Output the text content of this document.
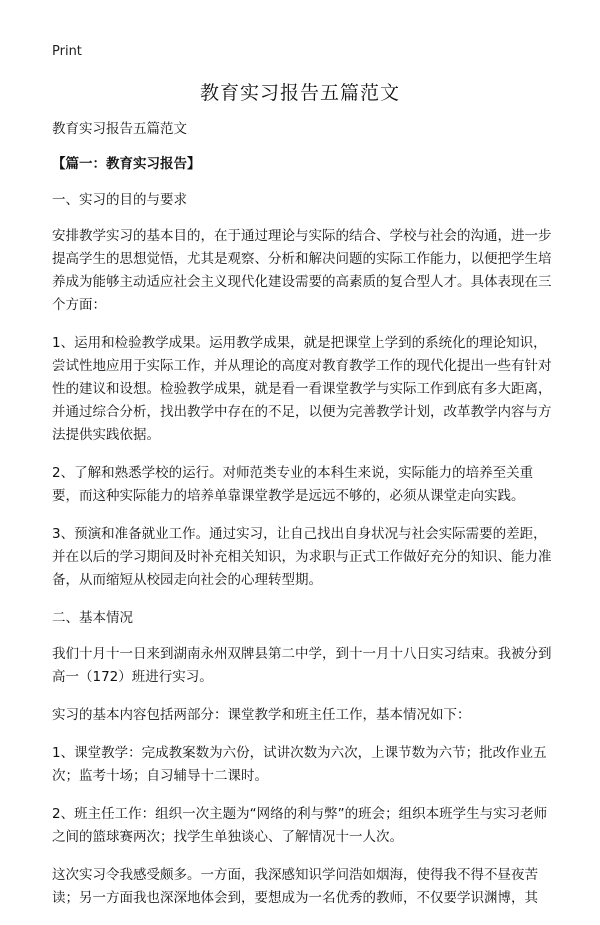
Print
教育实习报告五篇范文

教育实习报告五篇范文

【篇一：教育实习报告】

一、实习的目的与要求

安排教学实习的基本目的，在于通过理论与实际的结合、学校与社会的沟通，进一步提高学生的思想觉悟，尤其是观察、分析和解决问题的实际工作能力，以便把学生培养成为能够主动适应社会主义现代化建设需要的高素质的复合型人才。具体表现在三个方面：

1、运用和检验教学成果。运用教学成果，就是把课堂上学到的系统化的理论知识，尝试性地应用于实际工作，并从理论的高度对教育教学工作的现代化提出一些有针对性的建议和设想。检验教学成果，就是看一看课堂教学与实际工作到底有多大距离，并通过综合分析，找出教学中存在的不足，以便为完善教学计划，改革教学内容与方法提供实践依据。

2、了解和熟悉学校的运行。对师范类专业的本科生来说，实际能力的培养至关重要，而这种实际能力的培养单靠课堂教学是远远不够的，必须从课堂走向实践。

3、预演和准备就业工作。通过实习，让自己找出自身状况与社会实际需要的差距，并在以后的学习期间及时补充相关知识，为求职与正式工作做好充分的知识、能力准备，从而缩短从校园走向社会的心理转型期。

二、基本情况

我们十月十一日来到湖南永州双牌县第二中学，到十一月十八日实习结束。我被分到高一（172）班进行实习。

实习的基本内容包括两部分：课堂教学和班主任工作，基本情况如下：

1、课堂教学：完成教案数为六份，试讲次数为六次，上课节数为六节；批改作业五次；监考十场；自习辅导十二课时。

2、班主任工作：组织一次主题为“网络的利与弊”的班会；组织本班学生与实习老师之间的篮球赛两次；找学生单独谈心、了解情况十一人次。

这次实习令我感受颇多。一方面，我深感知识学问浩如烟海，使得我不得不昼夜苦读；另一方面我也深深地体会到，要想成为一名优秀的教师，不仅要学识渊博，其
